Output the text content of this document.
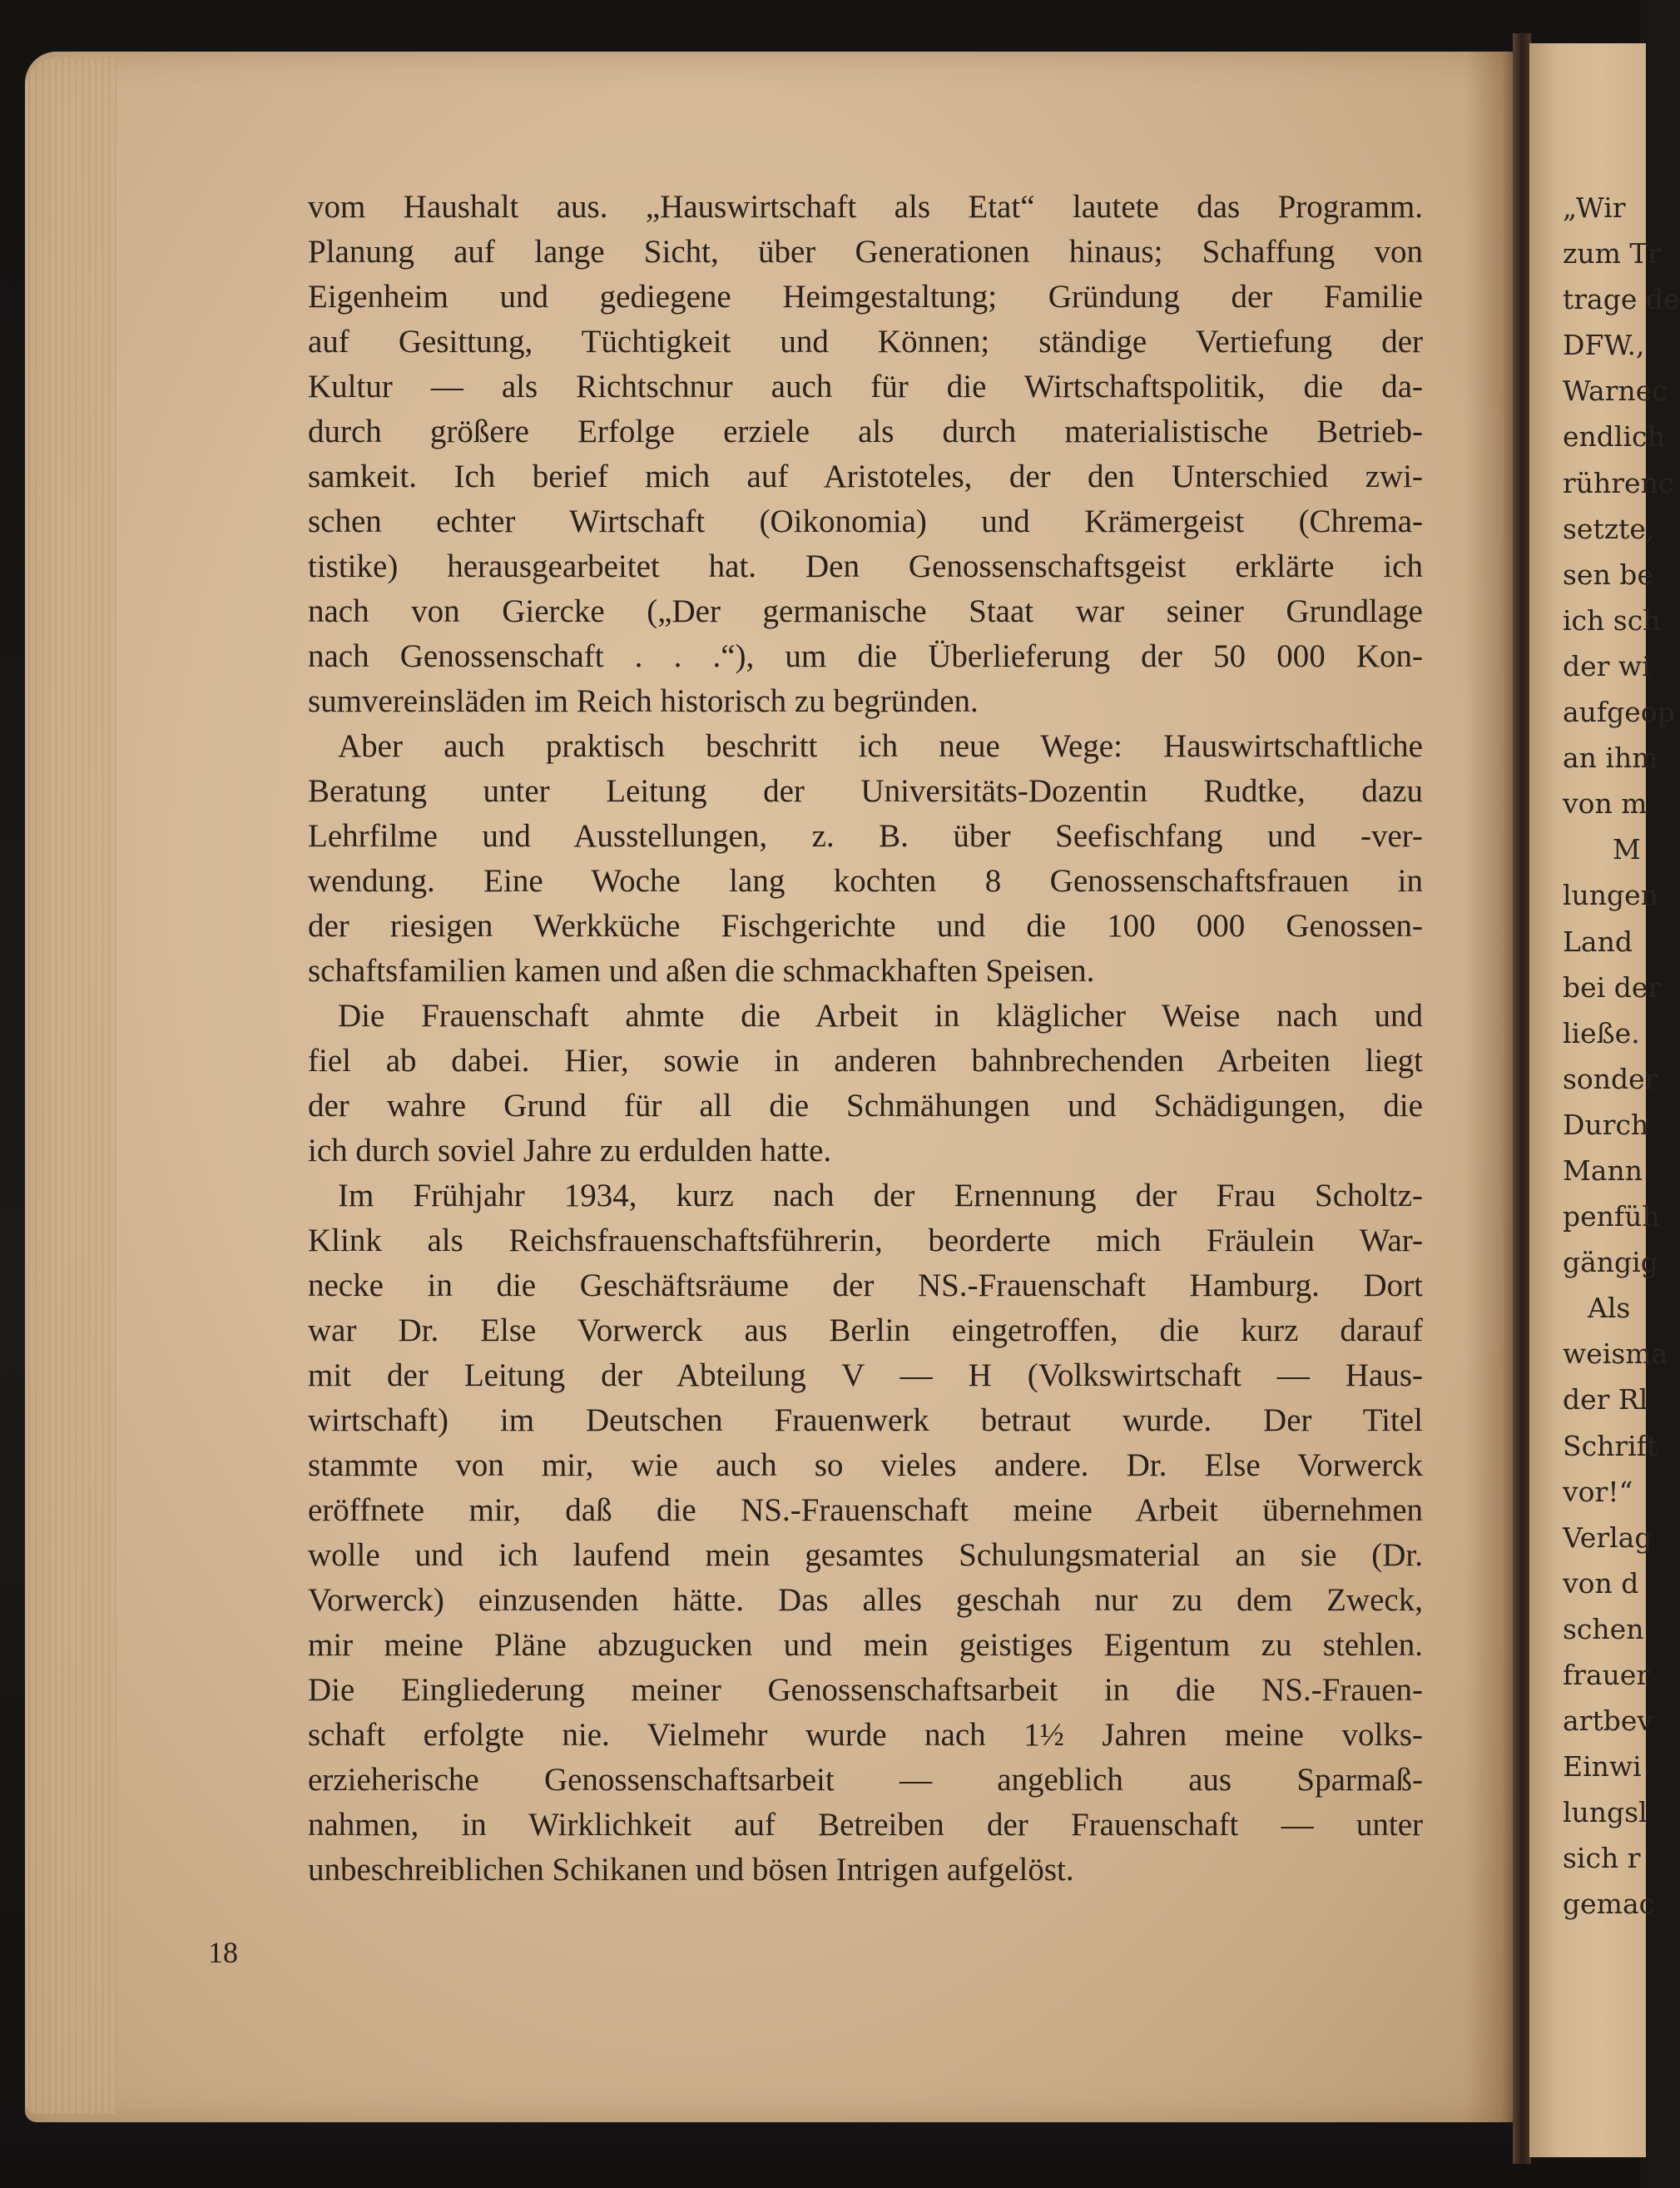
„Wir
zum Tr
trage de
DFW.,
Warnec
endlich
rührenc
setzte,
sen be
ich sch
der wi
aufgeop
an ihm
von m
M
lungen
Land
bei der
ließe.
sonder
Durch
Mann
penfüh
gängig
Als
weisma
der Rl
Schrift
vor!“
Verlag
von d
schen
frauer
artbev
Einwi
lungsl
sich r
gemac
vom Haushalt aus. „Hauswirtschaft als Etat“ lautete das Programm.
Planung auf lange Sicht, über Generationen hinaus; Schaffung von
Eigenheim und gediegene Heimgestaltung; Gründung der Familie
auf Gesittung, Tüchtigkeit und Können; ständige Vertiefung der
Kultur — als Richtschnur auch für die Wirtschaftspolitik, die da-
durch größere Erfolge erziele als durch materialistische Betrieb-
samkeit. Ich berief mich auf Aristoteles, der den Unterschied zwi-
schen echter Wirtschaft (Oikonomia) und Krämergeist (Chrema-
tistike) herausgearbeitet hat. Den Genossenschaftsgeist erklärte ich
nach von Giercke („Der germanische Staat war seiner Grundlage
nach Genossenschaft . . .“), um die Überlieferung der 50 000 Kon-
sumvereinsläden im Reich historisch zu begründen.
Aber auch praktisch beschritt ich neue Wege: Hauswirtschaftliche
Beratung unter Leitung der Universitäts-Dozentin Rudtke, dazu
Lehrfilme und Ausstellungen, z. B. über Seefischfang und -ver-
wendung. Eine Woche lang kochten 8 Genossenschaftsfrauen in
der riesigen Werkküche Fischgerichte und die 100 000 Genossen-
schaftsfamilien kamen und aßen die schmackhaften Speisen.
Die Frauenschaft ahmte die Arbeit in kläglicher Weise nach und
fiel ab dabei. Hier, sowie in anderen bahnbrechenden Arbeiten liegt
der wahre Grund für all die Schmähungen und Schädigungen, die
ich durch soviel Jahre zu erdulden hatte.
Im Frühjahr 1934, kurz nach der Ernennung der Frau Scholtz-
Klink als Reichsfrauenschaftsführerin, beorderte mich Fräulein War-
necke in die Geschäftsräume der NS.-Frauenschaft Hamburg. Dort
war Dr. Else Vorwerck aus Berlin eingetroffen, die kurz darauf
mit der Leitung der Abteilung V — H (Volkswirtschaft — Haus-
wirtschaft) im Deutschen Frauenwerk betraut wurde. Der Titel
stammte von mir, wie auch so vieles andere. Dr. Else Vorwerck
eröffnete mir, daß die NS.-Frauenschaft meine Arbeit übernehmen
wolle und ich laufend mein gesamtes Schulungsmaterial an sie (Dr.
Vorwerck) einzusenden hätte. Das alles geschah nur zu dem Zweck,
mir meine Pläne abzugucken und mein geistiges Eigentum zu stehlen.
Die Eingliederung meiner Genossenschaftsarbeit in die NS.-Frauen-
schaft erfolgte nie. Vielmehr wurde nach 1½ Jahren meine volks-
erzieherische Genossenschaftsarbeit — angeblich aus Sparmaß-
nahmen, in Wirklichkeit auf Betreiben der Frauenschaft — unter
unbeschreiblichen Schikanen und bösen Intrigen aufgelöst.
18
